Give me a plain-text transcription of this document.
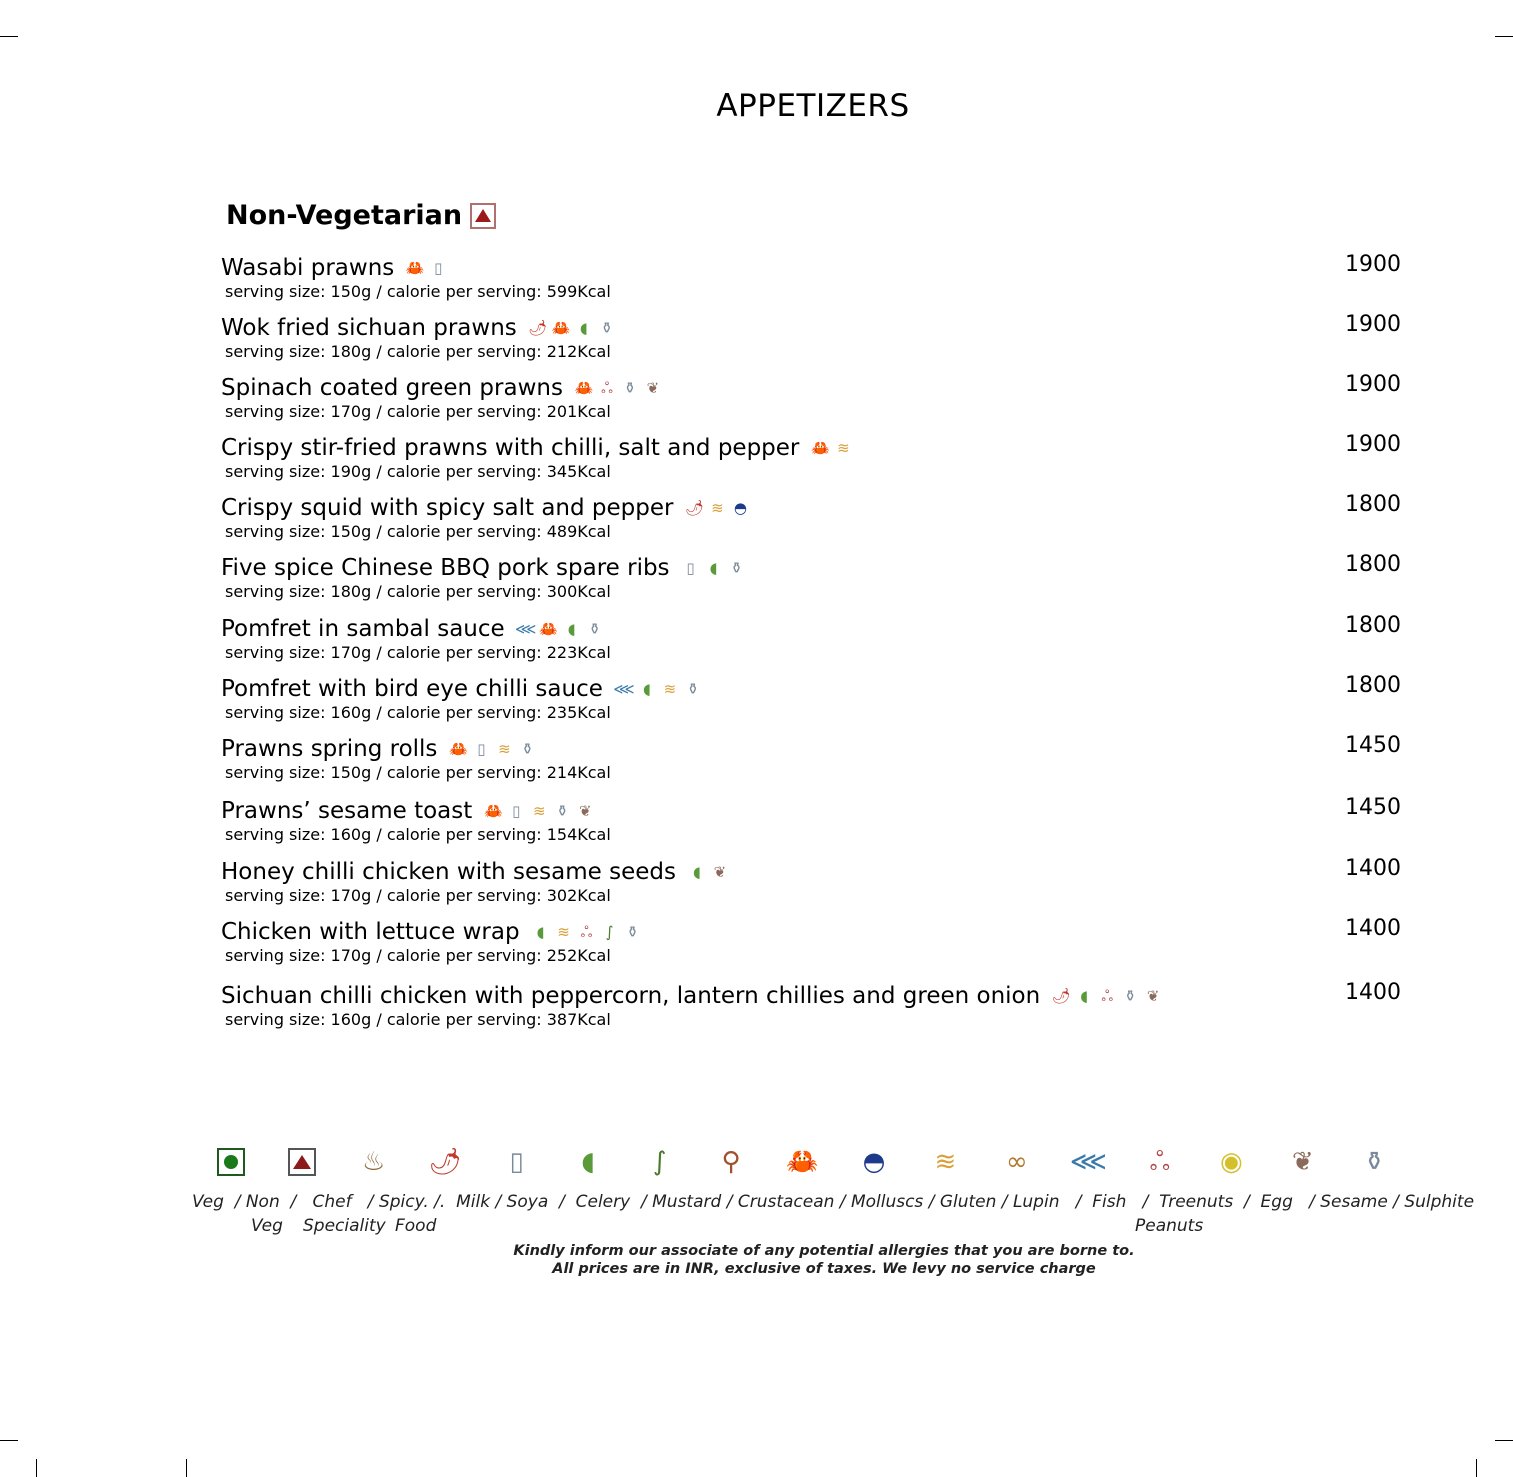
APPETIZERS
Non-Vegetarian
Wasabi prawns 🦀 ▯
serving size: 150g / calorie per serving: 599Kcal
1900
Wok fried sichuan prawns 🌶 🦀 ◖ ⚱
serving size: 180g / calorie per serving: 212Kcal
1900
Spinach coated green prawns 🦀 ஃ ⚱ ❦
serving size: 170g / calorie per serving: 201Kcal
1900
Crispy stir-fried prawns with chilli, salt and pepper 🦀 ≋
serving size: 190g / calorie per serving: 345Kcal
1900
Crispy squid with spicy salt and pepper 🌶 ≋ ◓
serving size: 150g / calorie per serving: 489Kcal
1800
Five spice Chinese BBQ pork spare ribs	▯ ◖ ⚱
serving size: 180g / calorie per serving: 300Kcal
1800
Pomfret in sambal sauce ⋘ 🦀 ◖ ⚱
serving size: 170g / calorie per serving: 223Kcal
1800
Pomfret with bird eye chilli sauce ⋘ ◖ ≋ ⚱
serving size: 160g / calorie per serving: 235Kcal
1800
Prawns spring rolls 🦀 ▯ ≋ ⚱
serving size: 150g / calorie per serving: 214Kcal
1450
Prawns’ sesame toast 🦀 ▯ ≋ ⚱ ❦
serving size: 160g / calorie per serving: 154Kcal
1450
Honey chilli chicken with sesame seeds	◖ ❦
serving size: 170g / calorie per serving: 302Kcal
1400
Chicken with lettuce wrap	◖ ≋ ஃ ∫ ⚱
serving size: 170g / calorie per serving: 252Kcal
1400
Sichuan chilli chicken with peppercorn, lantern chillies and green onion 🌶 ◖ ஃ ⚱ ❦
serving size: 160g / calorie per serving: 387Kcal
1400
♨ 🌶	▯	◖	∫	⚲ 🦀 ◓ ≋ ∞ ⋘ ஃ ◉ ❦ ⚱
Veg / Non / Chef / Spicy. /. Milk / Soya / Celery / Mustard / Crustacean / Molluscs / Gluten / Lupin / Fish / Treenuts / Egg / Sesame / Sulphite
Veg Speciality Food	Peanuts
Kindly inform our associate of any potential allergies that you are borne to.
All prices are in INR, exclusive of taxes. We levy no service charge
